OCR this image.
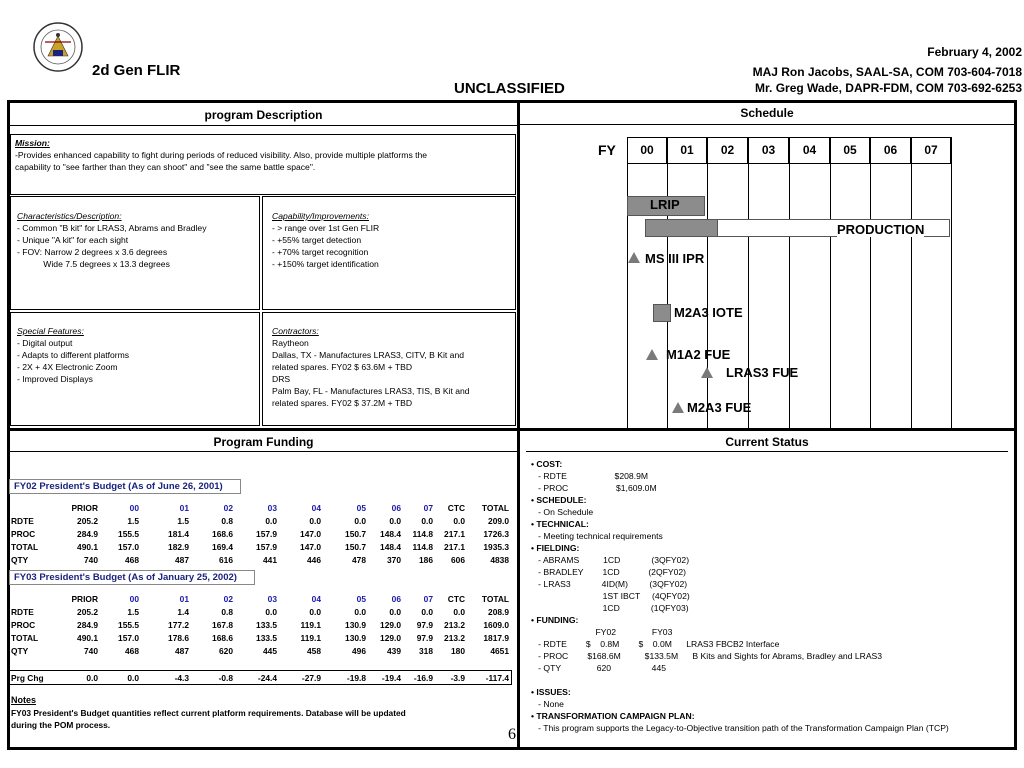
2d Gen FLIR
UNCLASSIFIED
February 4, 2002
MAJ Ron Jacobs, SAAL-SA, COM 703-604-7018
Mr. Greg Wade, DAPR-FDM, COM 703-692-6253
program Description
Mission:
-Provides enhanced capability to fight during periods of reduced visibility. Also, provide multiple platforms the
capability to "see farther than they can shoot" and "see the same battle space".
Characteristics/Description:
- Common "B kit" for LRAS3, Abrams and Bradley
- Unique "A kit" for each sight
- FOV: Narrow 2 degrees x 3.6 degrees
Wide 7.5 degrees x 13.3 degrees
Capability/Improvements:
- > range over 1st Gen FLIR
- +55% target detection
- +70% target recognition
- +150% target identification
Special Features:
- Digital output
- Adapts to different platforms
- 2X + 4X Electronic Zoom
- Improved Displays
Contractors:
Raytheon
Dallas, TX - Manufactures LRAS3, CITV, B Kit and
related spares. FY02 $ 63.6M + TBD
DRS
Palm Bay, FL - Manufactures LRAS3, TIS, B Kit and
related spares. FY02 $ 37.2M + TBD
Schedule
FY	00	01	02	03	04	05	06	07
LRIP
PRODUCTION
MS III IPR
M2A3 IOTE
M1A2 FUE
LRAS3 FUE
M2A3 FUE
Program Funding
FY02 President's Budget (As of June 26, 2001)
FY03 President's Budget (As of January 25, 2002)
PRIOR	00	01	02	03	04	05	06	07	CTC	TOTAL
RDTE	205.2	1.5	1.5	0.8	0.0	0.0	0.0	0.0	0.0	0.0	209.0
PROC	284.9	155.5	181.4	168.6	157.9	147.0	150.7	148.4	114.8	217.1	1726.3
TOTAL	490.1	157.0	182.9	169.4	157.9	147.0	150.7	148.4	114.8	217.1	1935.3
QTY	740	468	487	616	441	446	478	370	186	606	4838
PRIOR	00	01	02	03	04	05	06	07	CTC	TOTAL
RDTE	205.2	1.5	1.4	0.8	0.0	0.0	0.0	0.0	0.0	0.0	208.9
PROC	284.9	155.5	177.2	167.8	133.5	119.1	130.9	129.0	97.9	213.2	1609.0
TOTAL	490.1	157.0	178.6	168.6	133.5	119.1	130.9	129.0	97.9	213.2	1817.9
QTY	740	468	487	620	445	458	496	439	318	180	4651
Prg Chg	0.0	0.0	-4.3	-0.8	-24.4	-27.9	-19.8	-19.4	-16.9	-3.9	-117.4
Notes
FY03 President's Budget quantities reflect current platform requirements. Database will be updated
during the POM process.
6
Current Status
• COST:
- RDTE                    $208.9M
- PROC                    $1,609.0M
• SCHEDULE:
- On Schedule
• TECHNICAL:
- Meeting technical requirements
• FIELDING:
- ABRAMS          1CD             (3QFY02)
- BRADLEY        1CD            (2QFY02)
- LRAS3             4ID(M)         (3QFY02)
1ST IBCT     (4QFY02)
1CD             (1QFY03)
• FUNDING:
FY02               FY03
- RDTE        $    0.8M        $    0.0M      LRAS3 FBCB2 Interface
- PROC        $168.6M          $133.5M      B Kits and Sights for Abrams, Bradley and LRAS3
- QTY               620                 445
• ISSUES:
- None
• TRANSFORMATION CAMPAIGN PLAN:
- This program supports the Legacy-to-Objective transition path of the Transformation Campaign Plan (TCP)
